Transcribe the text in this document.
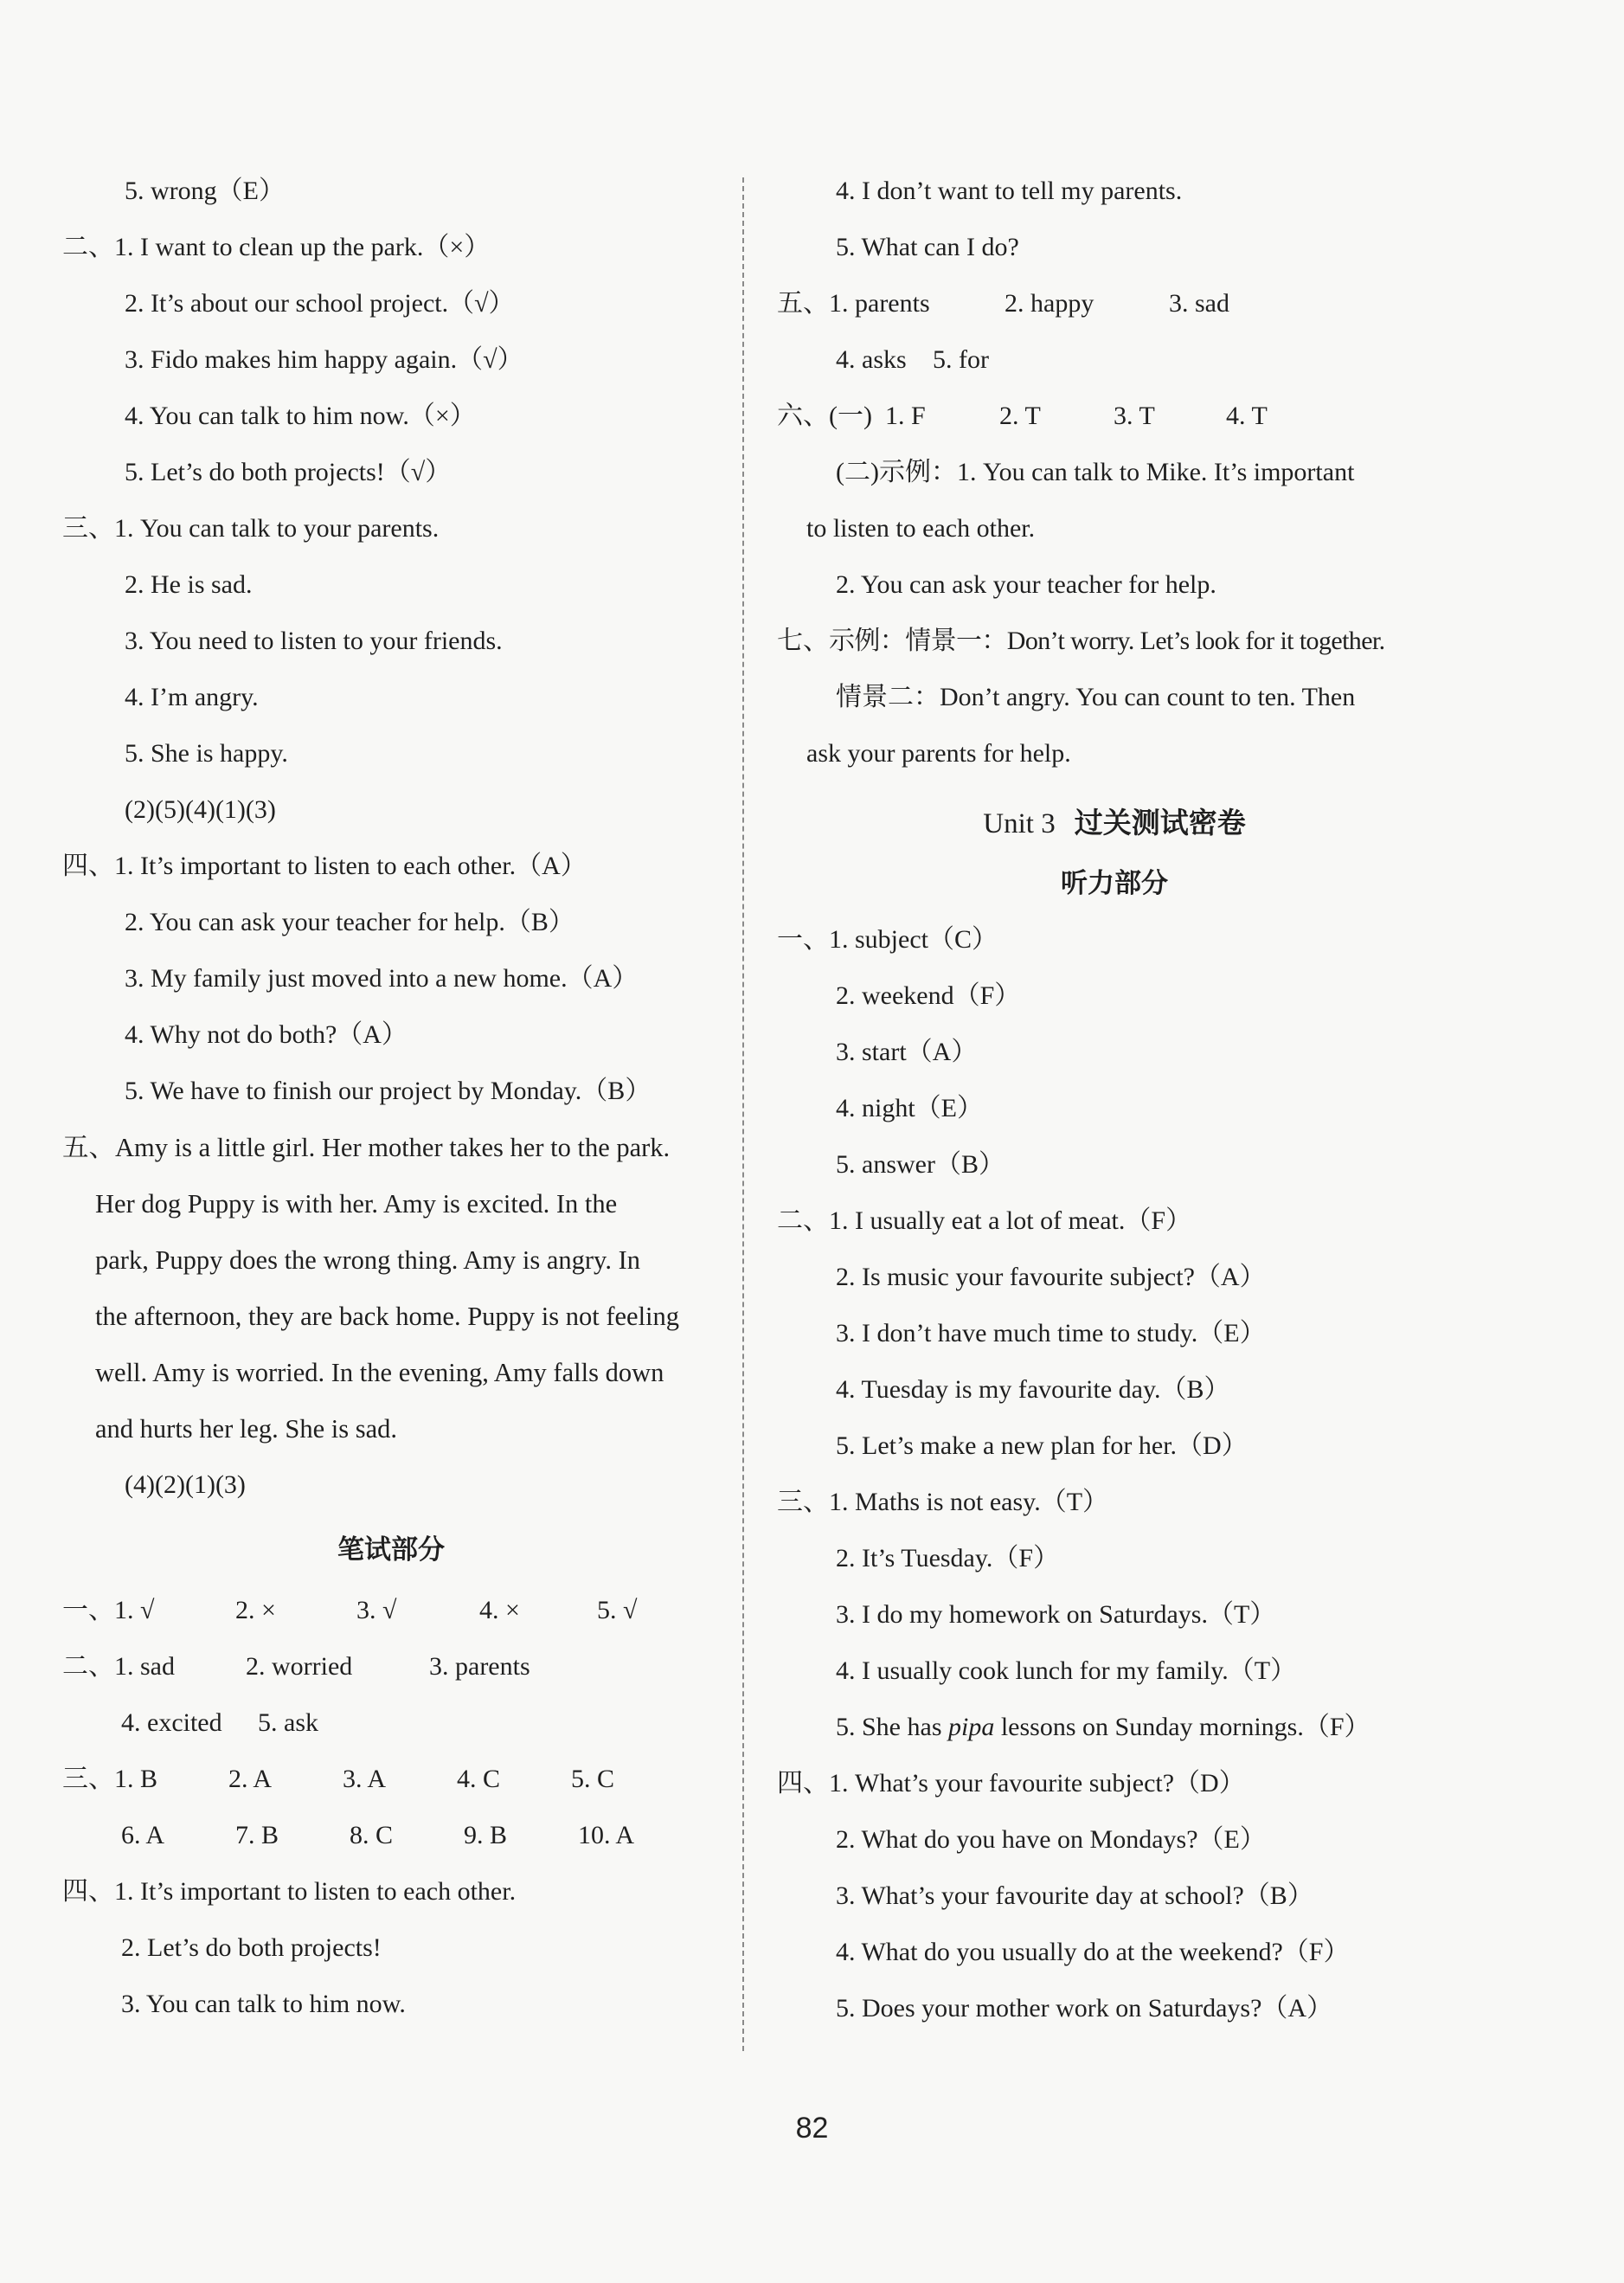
5. wrong（E）
二、1. I want to clean up the park.（×）
2. It’s about our school project.（√）
3. Fido makes him happy again.（√）
4. You can talk to him now.（×）
5. Let’s do both projects!（√）
三、1. You can talk to your parents.
2. He is sad.
3. You need to listen to your friends.
4. I’m angry.
5. She is happy.
(2)(5)(4)(1)(3)
四、1. It’s important to listen to each other.（A）
2. You can ask your teacher for help.（B）
3. My family just moved into a new home.（A）
4. Why not do both?（A）
5. We have to finish our project by Monday.（B）
五、Amy is a little girl. Her mother takes her to the park.
Her dog Puppy is with her. Amy is excited. In the
park, Puppy does the wrong thing. Amy is angry. In
the afternoon, they are back home. Puppy is not feeling
well. Amy is worried. In the evening, Amy falls down
and hurts her leg. She is sad.
(4)(2)(1)(3)
笔试部分
一、1. √	2. ×	3. √	4. ×	5. √
二、1. sad	2. worried	3. parents
4. excited 5. ask
三、1. B	2. A	3. A	4. C	5. C
6. A	7. B	8. C	9. B	10. A
四、1. It’s important to listen to each other.
2. Let’s do both projects!
3. You can talk to him now.
4. I don’t want to tell my parents.
5. What can I do?
五、1. parents	2. happy	3. sad
4. asks 5. for
六、(一) 1. F	2. T	3. T	4. T
(二)示例：1. You can talk to Mike. It’s important
to listen to each other.
2. You can ask your teacher for help.
七、示例：情景一：Don’t worry. Let’s look for it together.
情景二：Don’t angry. You can count to ten. Then
ask your parents for help.
Unit 3 过关测试密卷
听力部分
一、1. subject（C）
2. weekend（F）
3. start（A）
4. night（E）
5. answer（B）
二、1. I usually eat a lot of meat.（F）
2. Is music your favourite subject?（A）
3. I don’t have much time to study.（E）
4. Tuesday is my favourite day.（B）
5. Let’s make a new plan for her.（D）
三、1. Maths is not easy.（T）
2. It’s Tuesday.（F）
3. I do my homework on Saturdays.（T）
4. I usually cook lunch for my family.（T）
5. She has pipa lessons on Sunday mornings.（F）
四、1. What’s your favourite subject?（D）
2. What do you have on Mondays?（E）
3. What’s your favourite day at school?（B）
4. What do you usually do at the weekend?（F）
5. Does your mother work on Saturdays?（A）
82
